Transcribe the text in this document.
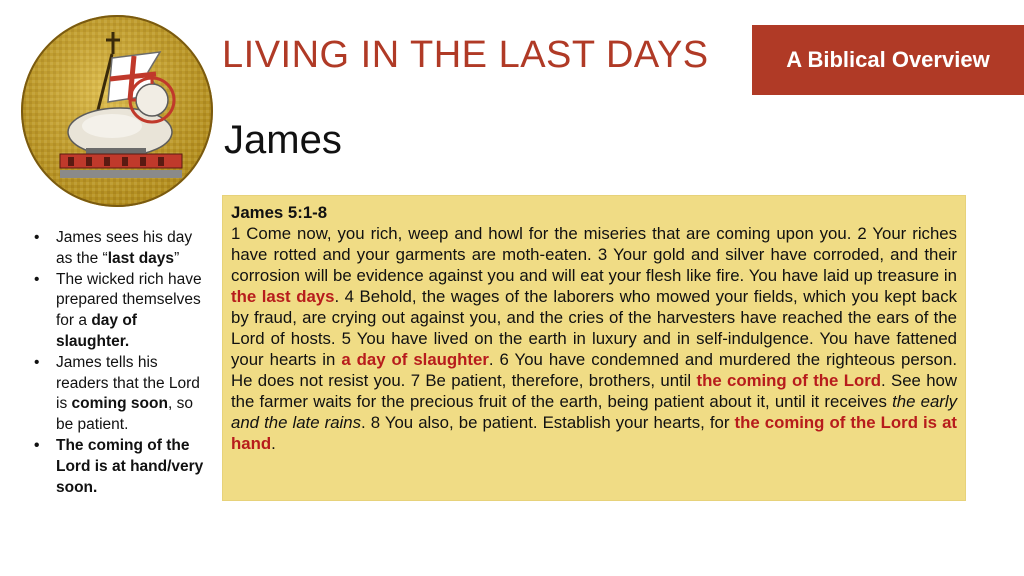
LIVING IN THE LAST DAYS	A Biblical Overview
James
• James sees his day as the “last days”
• The wicked rich have prepared themselves for a day of slaughter.
• James tells his readers that the Lord is coming soon, so be patient.
• The coming of the Lord is at hand/very soon.
James 5:1-8
1 Come now, you rich, weep and howl for the miseries that are coming upon you. 2 Your riches have rotted and your garments are moth-eaten. 3 Your gold and silver have corroded, and their corrosion will be evidence against you and will eat your flesh like fire. You have laid up treasure in the last days. 4 Behold, the wages of the laborers who mowed your fields, which you kept back by fraud, are crying out against you, and the cries of the harvesters have reached the ears of the Lord of hosts. 5 You have lived on the earth in luxury and in self-indulgence. You have fattened your hearts in a day of slaughter. 6 You have condemned and murdered the righteous person. He does not resist you. 7 Be patient, therefore, brothers, until the coming of the Lord. See how the farmer waits for the precious fruit of the earth, being patient about it, until it receives the early and the late rains. 8 You also, be patient. Establish your hearts, for the coming of the Lord is at hand.
